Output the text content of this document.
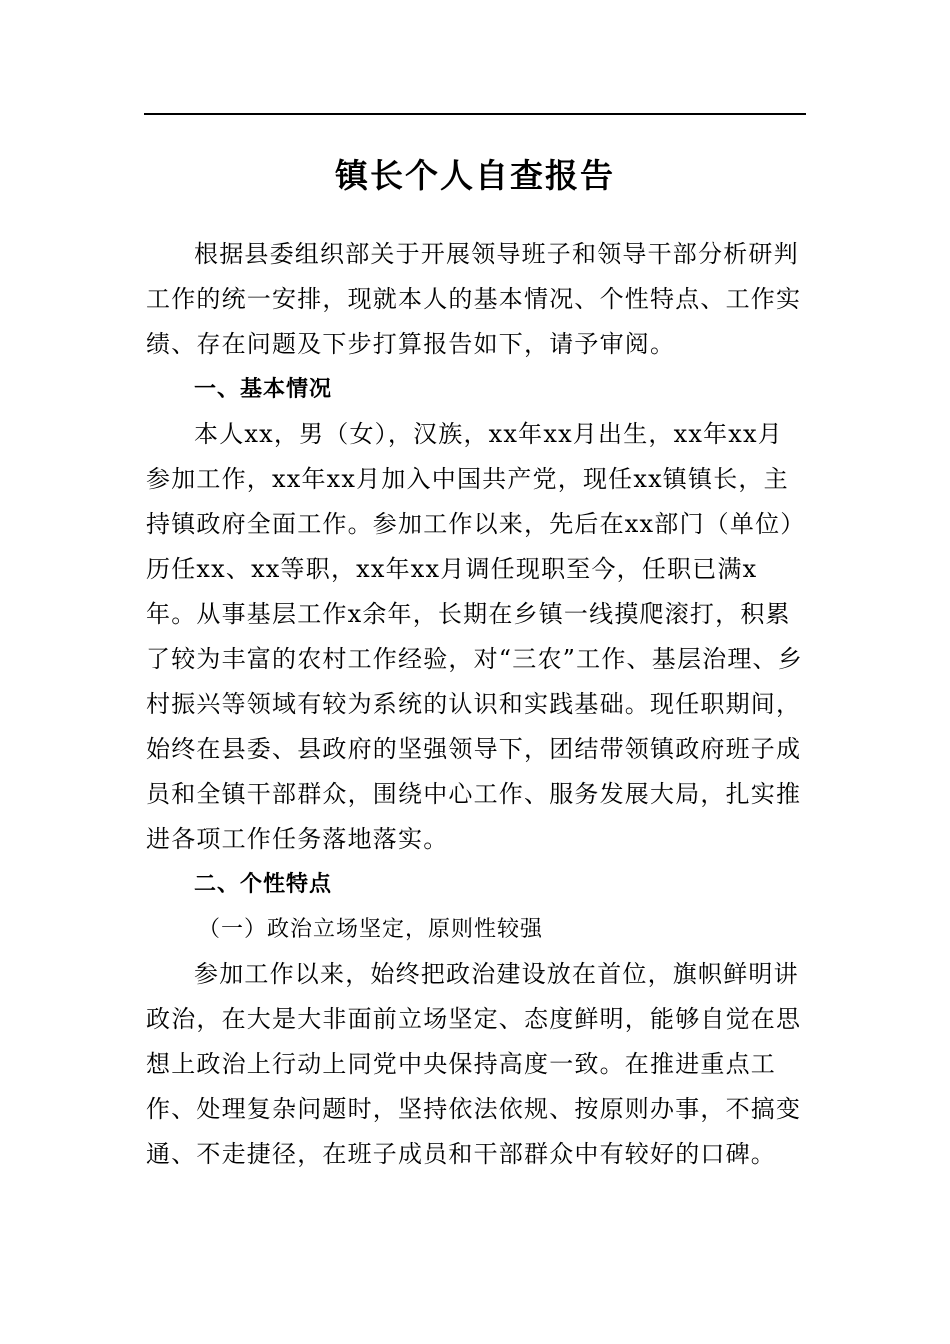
镇长个人自查报告

根据县委组织部关于开展领导班子和领导干部分析研判工作的统一安排，现就本人的基本情况、个性特点、工作实绩、存在问题及下步打算报告如下，请予审阅。

一、基本情况

本人xx，男（女），汉族，xx年xx月出生，xx年xx月参加工作，xx年xx月加入中国共产党，现任xx镇镇长，主持镇政府全面工作。参加工作以来，先后在xx部门（单位）历任xx、xx等职，xx年xx月调任现职至今，任职已满x年。从事基层工作x余年，长期在乡镇一线摸爬滚打，积累了较为丰富的农村工作经验，对“三农”工作、基层治理、乡村振兴等领域有较为系统的认识和实践基础。现任职期间，始终在县委、县政府的坚强领导下，团结带领镇政府班子成员和全镇干部群众，围绕中心工作、服务发展大局，扎实推进各项工作任务落地落实。

二、个性特点

（一）政治立场坚定，原则性较强

参加工作以来，始终把政治建设放在首位，旗帜鲜明讲政治，在大是大非面前立场坚定、态度鲜明，能够自觉在思想上政治上行动上同党中央保持高度一致。在推进重点工作、处理复杂问题时，坚持依法依规、按原则办事，不搞变通、不走捷径，在班子成员和干部群众中有较好的口碑。
